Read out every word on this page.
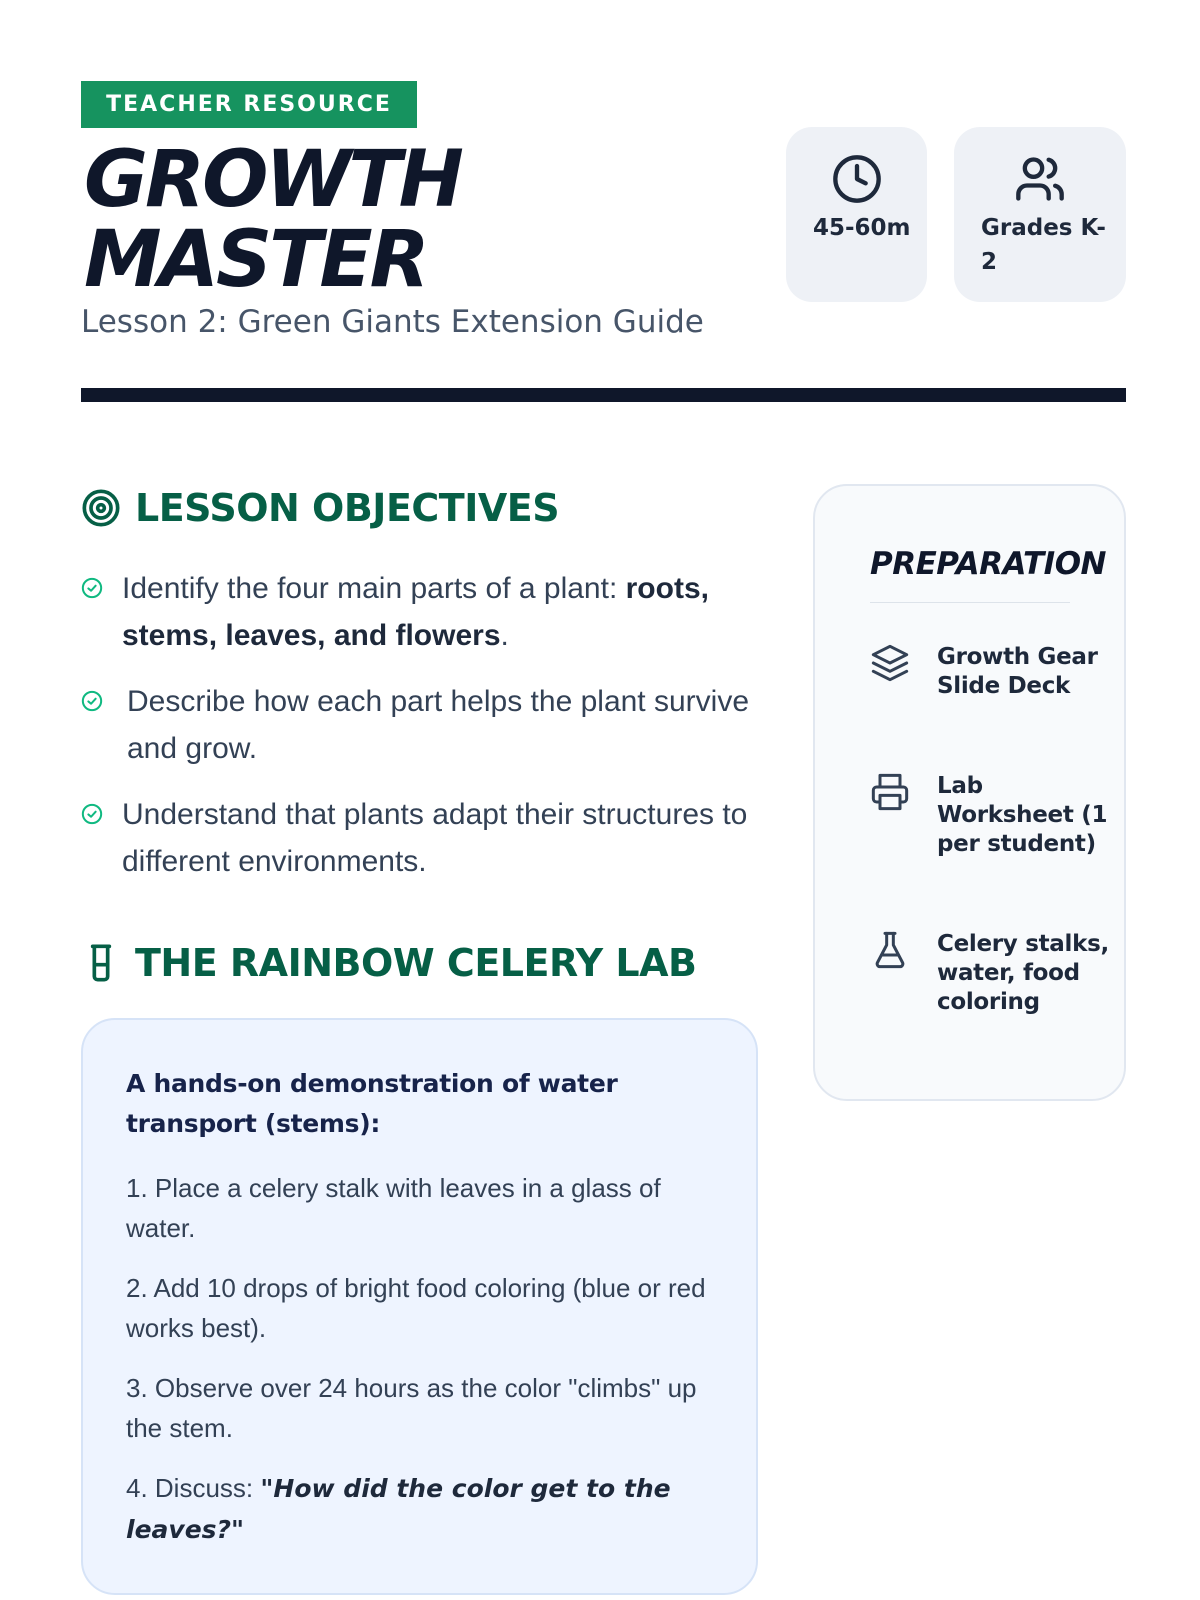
TEACHER RESOURCE
GROWTH
MASTER
Lesson 2: Green Giants Extension Guide
45-60m	Grades K-2
LESSON OBJECTIVES
Identify the four main parts of a plant: roots, stems, leaves, and flowers.
Describe how each part helps the plant survive and grow.
Understand that plants adapt their structures to different environments.
THE RAINBOW CELERY LAB

A hands-on demonstration of water transport (stems):

1. Place a celery stalk with leaves in a glass of water.

2. Add 10 drops of bright food coloring (blue or red works best).

3. Observe over 24 hours as the color "climbs" up the stem.

4. Discuss: "How did the color get to the leaves?"

PREPARATION
Growth Gear Slide Deck
Lab Worksheet (1 per student)
Celery stalks, water, food coloring
